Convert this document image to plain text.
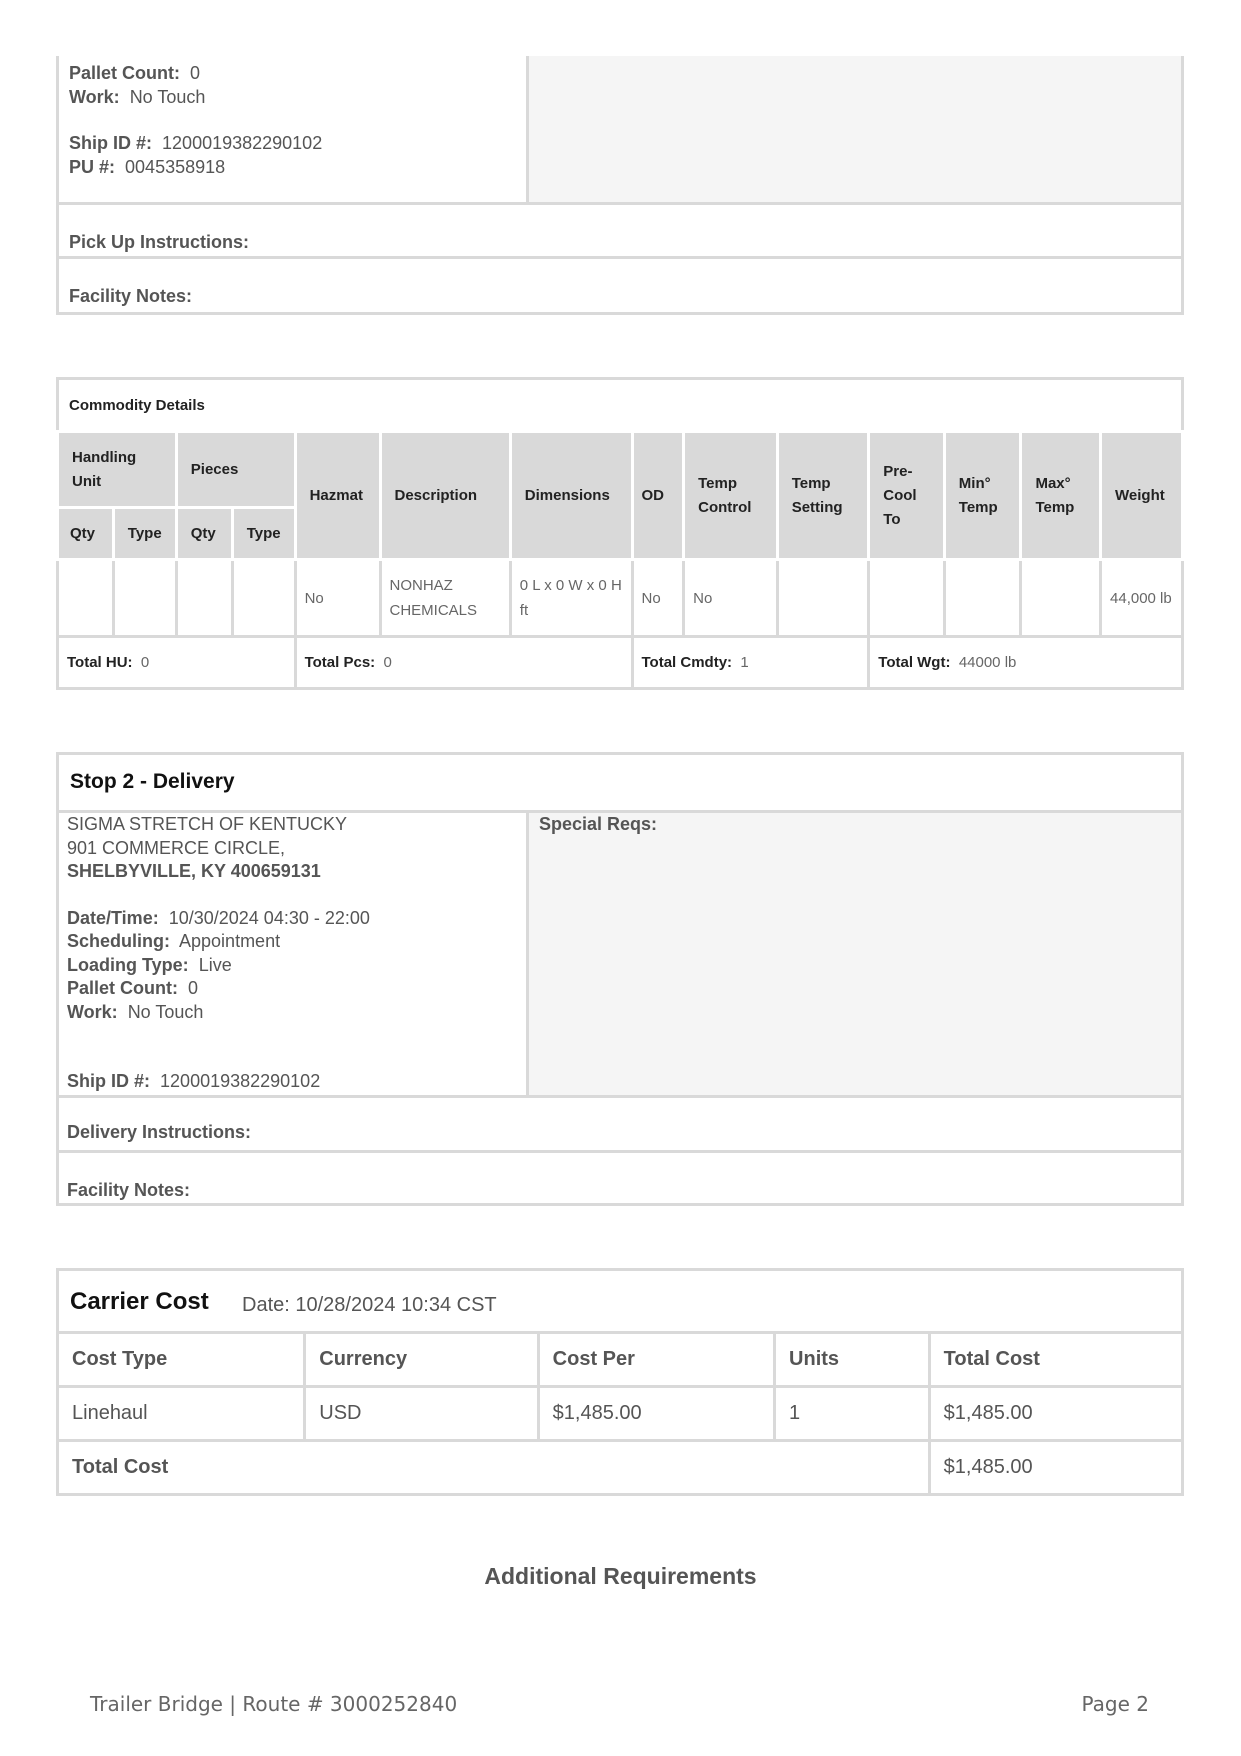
Pallet Count: 0
Work: No Touch
Ship ID #: 1200019382290102
PU #: 0045358918
Pick Up Instructions:
Facility Notes:
Commodity Details
Handling Unit		Pieces		Hazmat	Description	Dimensions	OD	Temp Control	Temp Setting	Pre-Cool To	Min° Temp	Max° Temp	Weight
Qty	Type	Qty	Type										
				No	NONHAZ CHEMICALS	0 L x 0 W x 0 H ft	No	No					44,000 lb
Total HU: 0				Total Pcs: 0			Total Cmdty: 1			Total Wgt: 44000 lb			
Stop 2 - Delivery
Special Reqs:
SIGMA STRETCH OF KENTUCKY
901 COMMERCE CIRCLE,
SHELBYVILLE, KY 400659131
Date/Time: 10/30/2024 04:30 - 22:00
Scheduling: Appointment
Loading Type: Live
Pallet Count: 0
Work: No Touch
Ship ID #: 1200019382290102
Delivery Instructions:
Facility Notes:
Carrier Cost Date: 10/28/2024 10:34 CST
Cost Type	Currency	Cost Per	Units	Total Cost
Linehaul	USD	$1,485.00	1	$1,485.00
Total Cost				$1,485.00
Additional Requirements
Trailer Bridge | Route # 3000252840	Page 2
